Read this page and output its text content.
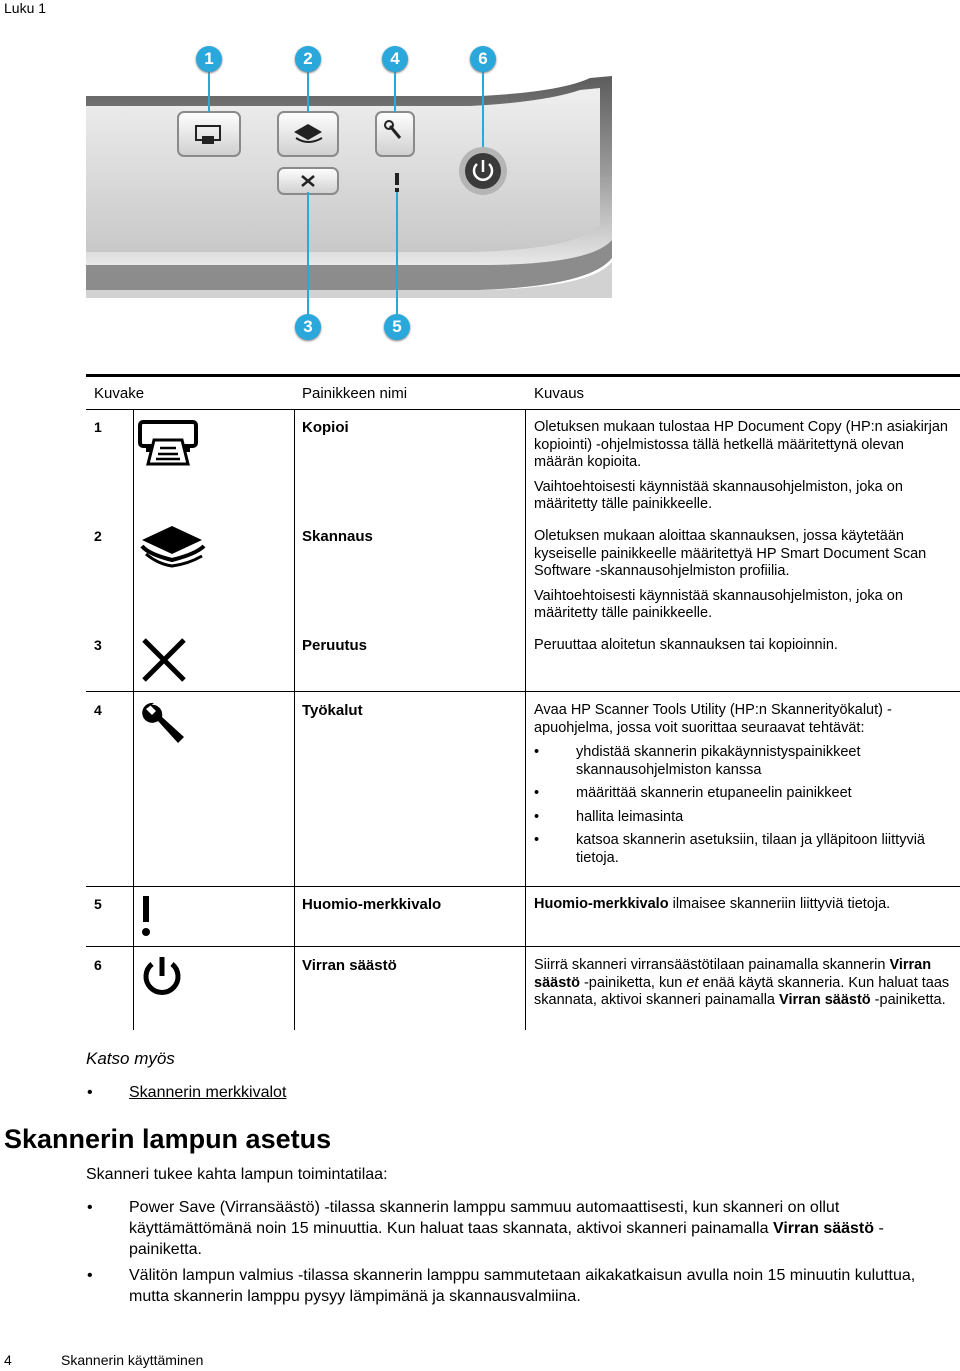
Luku 1
1	2	4	6
3	5
Kuvake	Painikkeen nimi	Kuvaus
1	Kopioi	Oletuksen mukaan tulostaa HP Document Copy (HP:n asiakirjan kopiointi) -ohjelmistossa tällä hetkellä määritettynä olevan määrän kopioita.

Vaihtoehtoisesti käynnistää skannausohjelmiston, joka on määritetty tälle painikkeelle.

2	Skannaus	Oletuksen mukaan aloittaa skannauksen, jossa käytetään kyseiselle painikkeelle määritettyä HP Smart Document Scan Software -skannausohjelmiston profiilia.

Vaihtoehtoisesti käynnistää skannausohjelmiston, joka on määritetty tälle painikkeelle.

3	Peruutus	Peruuttaa aloitetun skannauksen tai kopioinnin.

4	Työkalut	Avaa HP Scanner Tools Utility (HP:n Skannerityökalut) -apuohjelma, jossa voit suorittaa seuraavat tehtävät:

• yhdistää skannerin pikakäynnistyspainikkeet skannausohjelmiston kanssa
• määrittää skannerin etupaneelin painikkeet
• hallita leimasinta
• katsoa skannerin asetuksiin, tilaan ja ylläpitoon liittyviä tietoja.
5	Huomio-merkkivalo	Huomio-merkkivalo ilmaisee skanneriin liittyviä tietoja.
6	Virran säästö	Siirrä skanneri virransäästötilaan painamalla skannerin Virran säästö -painiketta, kun et enää käytä skanneria. Kun haluat taas skannata, aktivoi skanneri painamalla Virran säästö -painiketta.
Katso myös
• Skannerin merkkivalot
Skannerin lampun asetus
Skanneri tukee kahta lampun toimintatilaa:
• Power Save (Virransäästö) -tilassa skannerin lamppu sammuu automaattisesti, kun skanneri on ollut käyttämättömänä noin 15 minuuttia. Kun haluat taas skannata, aktivoi skanneri painamalla Virran säästö -painiketta.
• Välitön lampun valmius -tilassa skannerin lamppu sammutetaan aikakatkaisun avulla noin 15 minuutin kuluttua, mutta skannerin lamppu pysyy lämpimänä ja skannausvalmiina.
4	Skannerin käyttäminen
